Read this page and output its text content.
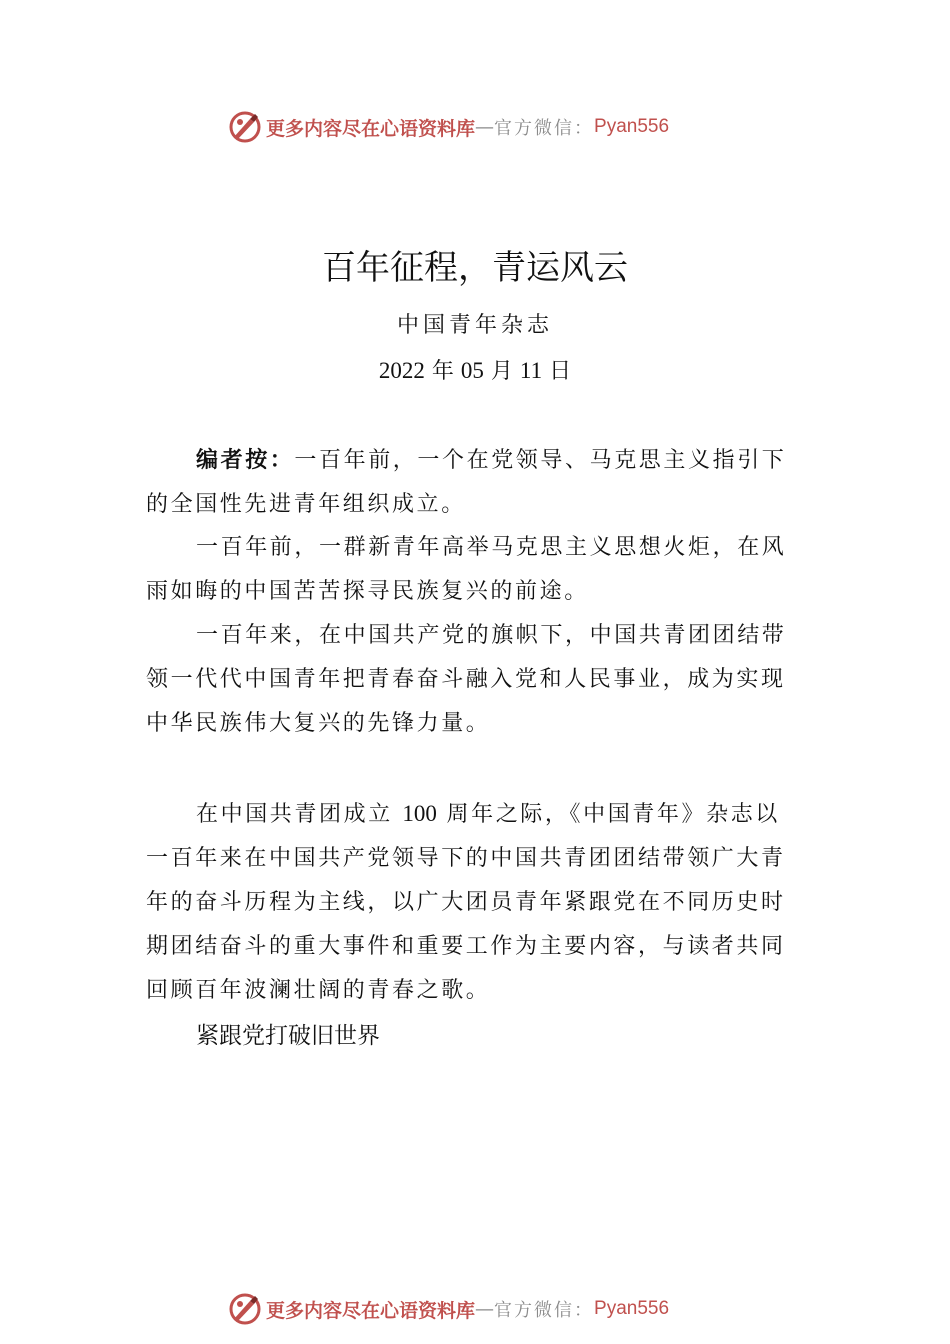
更多内容尽在心语资料库 — 官方微信： Pyan556
百年征程，青运风云
中国青年杂志
2022 年 05 月 11 日

编者按：一百年前，一个在党领导、马克思主义指引下的全国性先进青年组织成立。

一百年前，一群新青年高举马克思主义思想火炬，在风雨如晦的中国苦苦探寻民族复兴的前途。

一百年来，在中国共产党的旗帜下，中国共青团团结带领一代代中国青年把青春奋斗融入党和人民事业，成为实现中华民族伟大复兴的先锋力量。

在中国共青团成立 100 周年之际，《中国青年》杂志以一百年来在中国共产党领导下的中国共青团团结带领广大青年的奋斗历程为主线，以广大团员青年紧跟党在不同历史时期团结奋斗的重大事件和重要工作为主要内容，与读者共同回顾百年波澜壮阔的青春之歌。

紧跟党打破旧世界
更多内容尽在心语资料库 — 官方微信： Pyan556
